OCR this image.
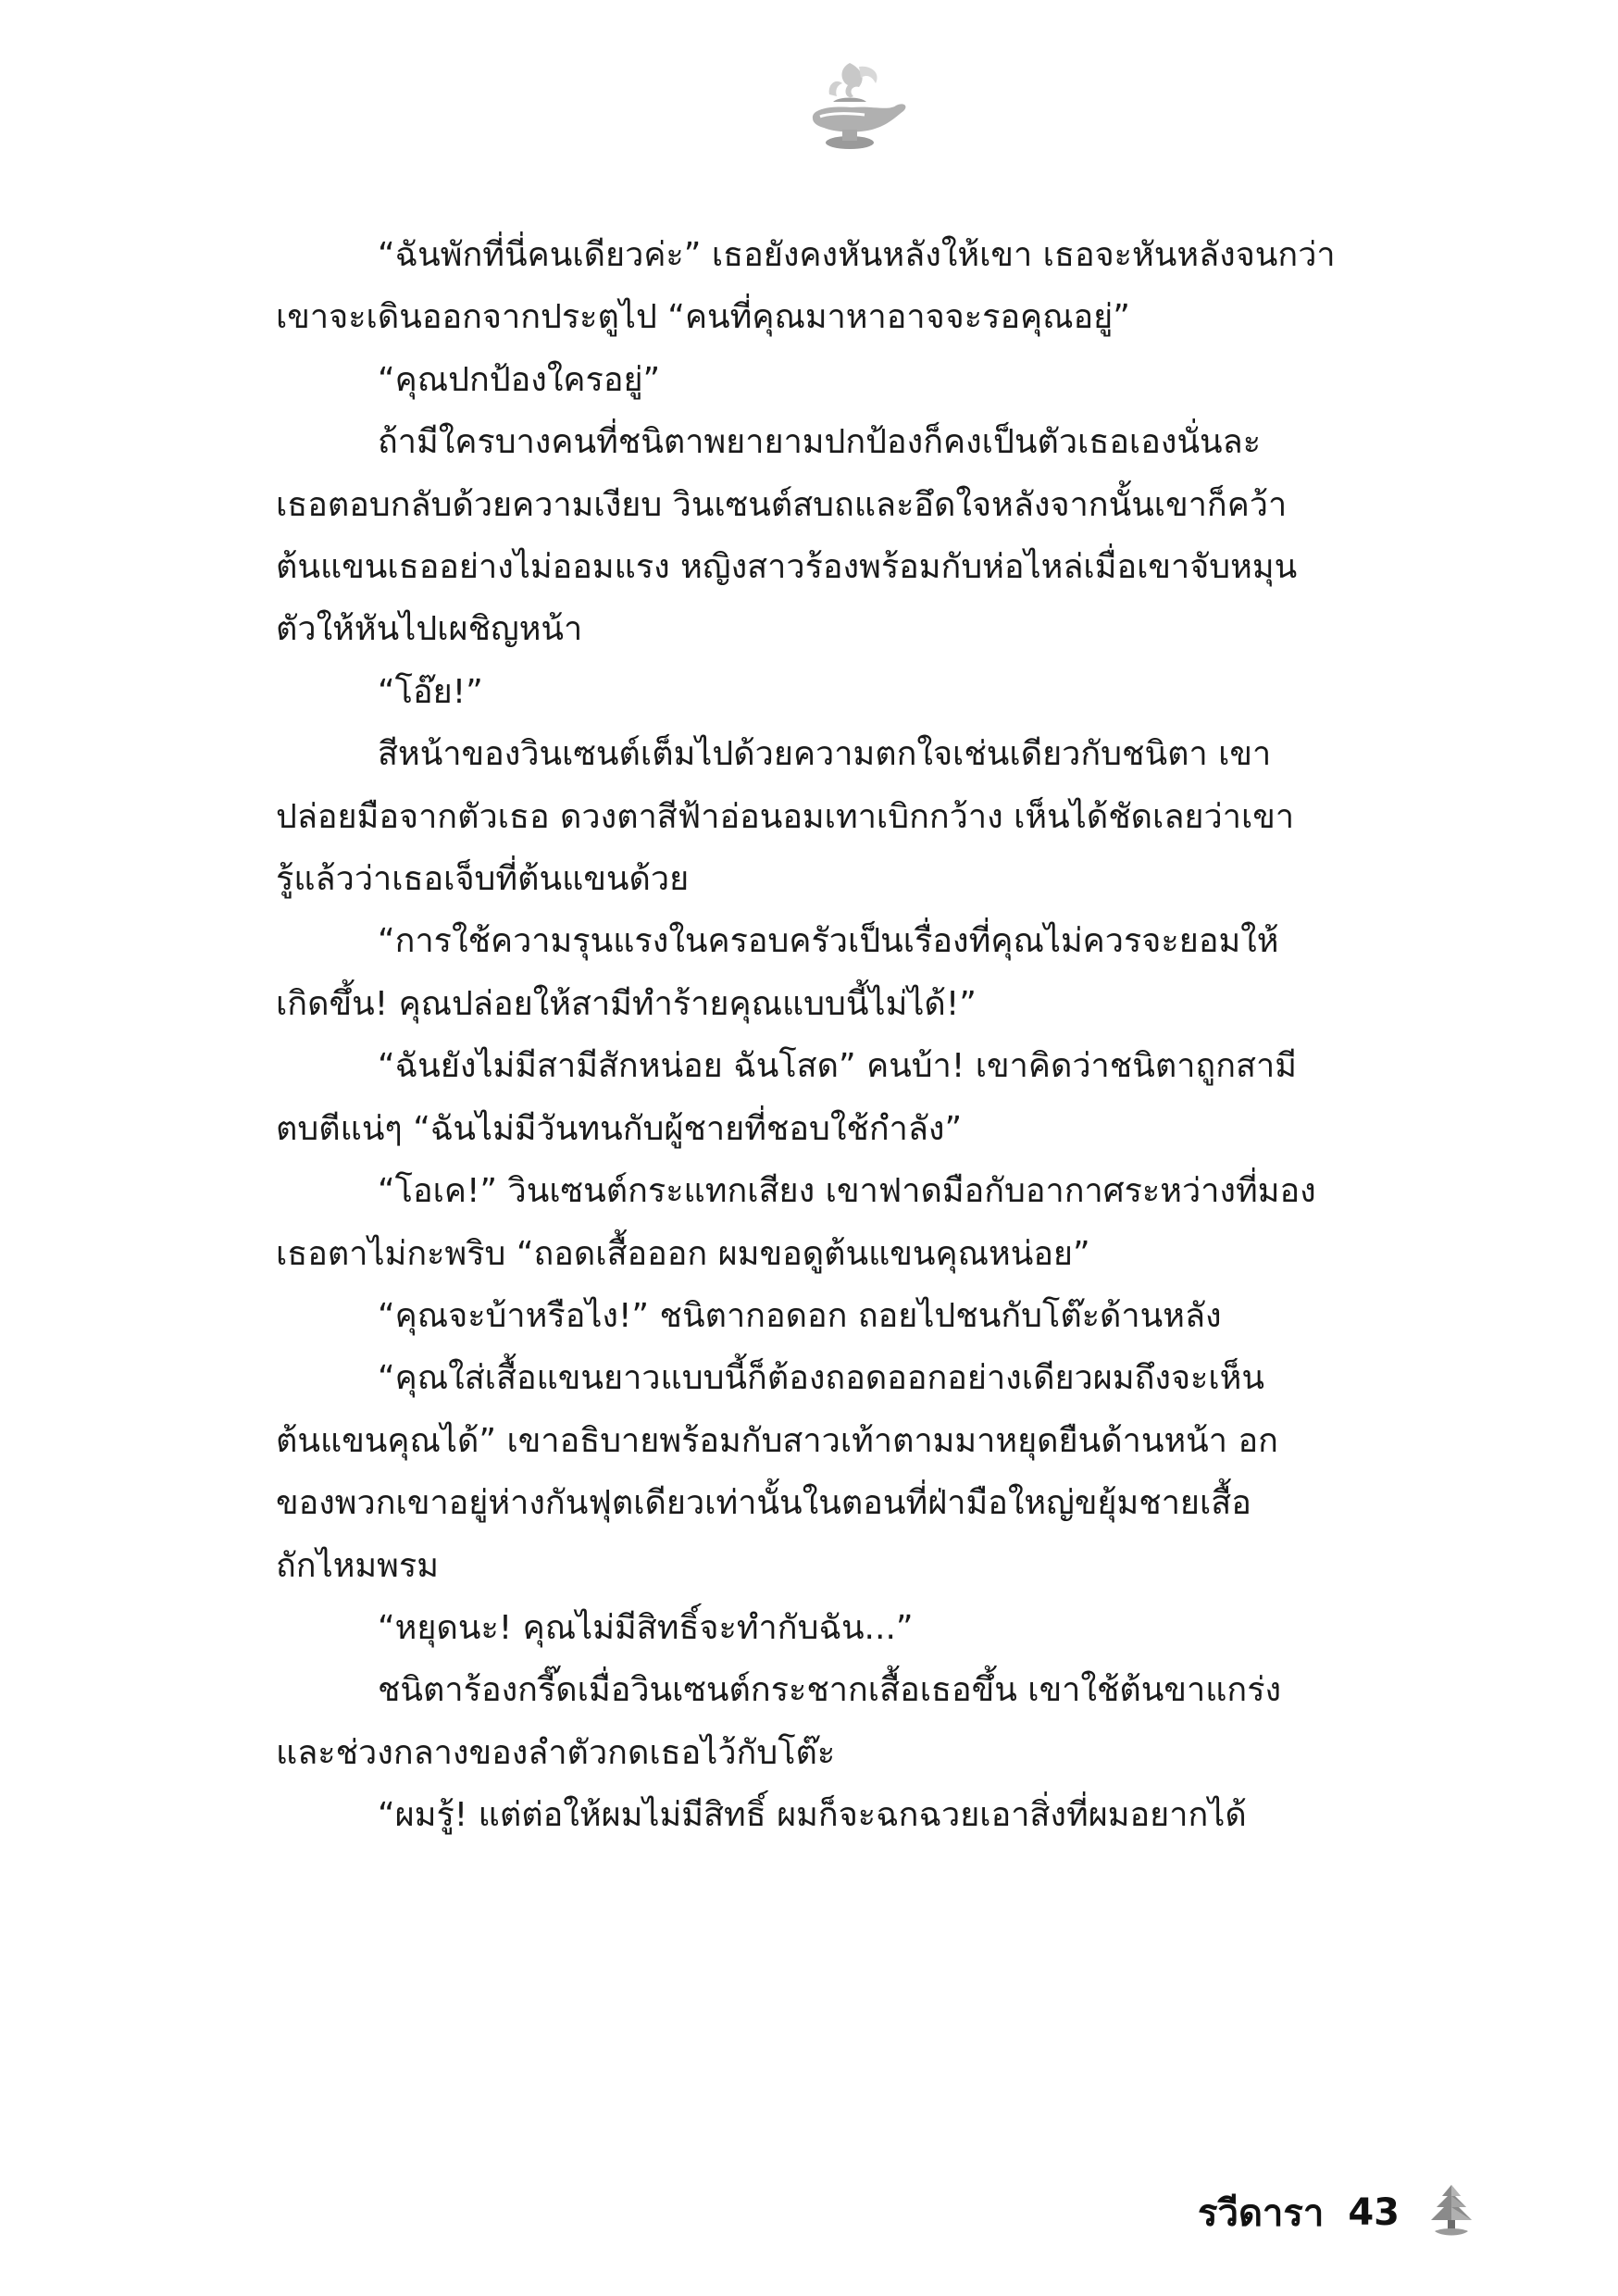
“ฉันพักที่นี่คนเดียวค่ะ” เธอยังคงหันหลังให้เขา เธอจะหันหลังจนกว่า
เขาจะเดินออกจากประตูไป “คนที่คุณมาหาอาจจะรอคุณอยู่”

“คุณปกป้องใครอยู่”

ถ้ามีใครบางคนที่ชนิตาพยายามปกป้องก็คงเป็นตัวเธอเองนั่นละ
เธอตอบกลับด้วยความเงียบ วินเซนต์สบถและอึดใจหลังจากนั้นเขาก็คว้า
ต้นแขนเธออย่างไม่ออมแรง หญิงสาวร้องพร้อมกับห่อไหล่เมื่อเขาจับหมุน
ตัวให้หันไปเผชิญหน้า

“โอ๊ย!”

สีหน้าของวินเซนต์เต็มไปด้วยความตกใจเช่นเดียวกับชนิตา เขา
ปล่อยมือจากตัวเธอ ดวงตาสีฟ้าอ่อนอมเทาเบิกกว้าง เห็นได้ชัดเลยว่าเขา
รู้แล้วว่าเธอเจ็บที่ต้นแขนด้วย

“การใช้ความรุนแรงในครอบครัวเป็นเรื่องที่คุณไม่ควรจะยอมให้
เกิดขึ้น! คุณปล่อยให้สามีทำร้ายคุณแบบนี้ไม่ได้!”

“ฉันยังไม่มีสามีสักหน่อย ฉันโสด” คนบ้า! เขาคิดว่าชนิตาถูกสามี
ตบตีแน่ๆ “ฉันไม่มีวันทนกับผู้ชายที่ชอบใช้กำลัง”

“โอเค!” วินเซนต์กระแทกเสียง เขาฟาดมือกับอากาศระหว่างที่มอง
เธอตาไม่กะพริบ “ถอดเสื้อออก ผมขอดูต้นแขนคุณหน่อย”

“คุณจะบ้าหรือไง!” ชนิตากอดอก ถอยไปชนกับโต๊ะด้านหลัง

“คุณใส่เสื้อแขนยาวแบบนี้ก็ต้องถอดออกอย่างเดียวผมถึงจะเห็น
ต้นแขนคุณได้” เขาอธิบายพร้อมกับสาวเท้าตามมาหยุดยืนด้านหน้า อก
ของพวกเขาอยู่ห่างกันฟุตเดียวเท่านั้นในตอนที่ฝ่ามือใหญ่ขยุ้มชายเสื้อ
ถักไหมพรม

“หยุดนะ! คุณไม่มีสิทธิ์จะทำกับฉัน...”

ชนิตาร้องกรี๊ดเมื่อวินเซนต์กระชากเสื้อเธอขึ้น เขาใช้ต้นขาแกร่ง
และช่วงกลางของลำตัวกดเธอไว้กับโต๊ะ

“ผมรู้! แต่ต่อให้ผมไม่มีสิทธิ์ ผมก็จะฉกฉวยเอาสิ่งที่ผมอยากได้

รวีดารา 43
